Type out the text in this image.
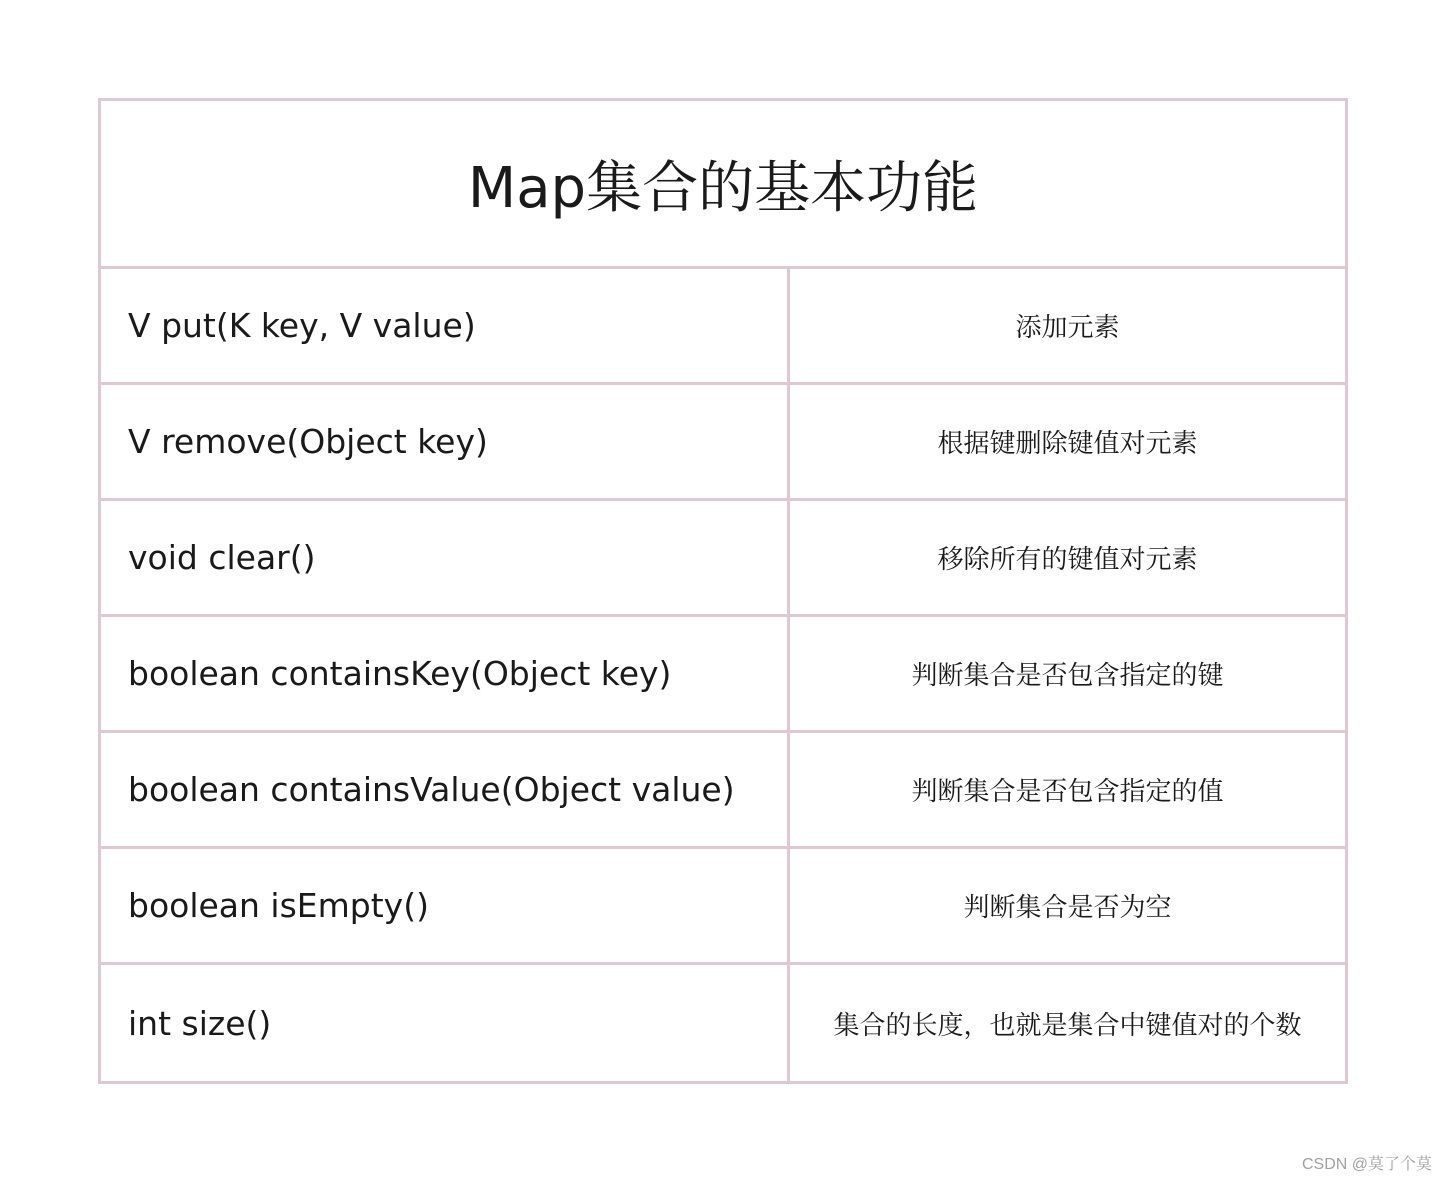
Map集合的基本功能
V put(K key, V value)	添加元素
V remove(Object key)	根据键删除键值对元素
void clear()	移除所有的键值对元素
boolean containsKey(Object key)	判断集合是否包含指定的键
boolean containsValue(Object value)	判断集合是否包含指定的值
boolean isEmpty()	判断集合是否为空
int size()	集合的长度，也就是集合中键值对的个数
CSDN @莫了个莫
